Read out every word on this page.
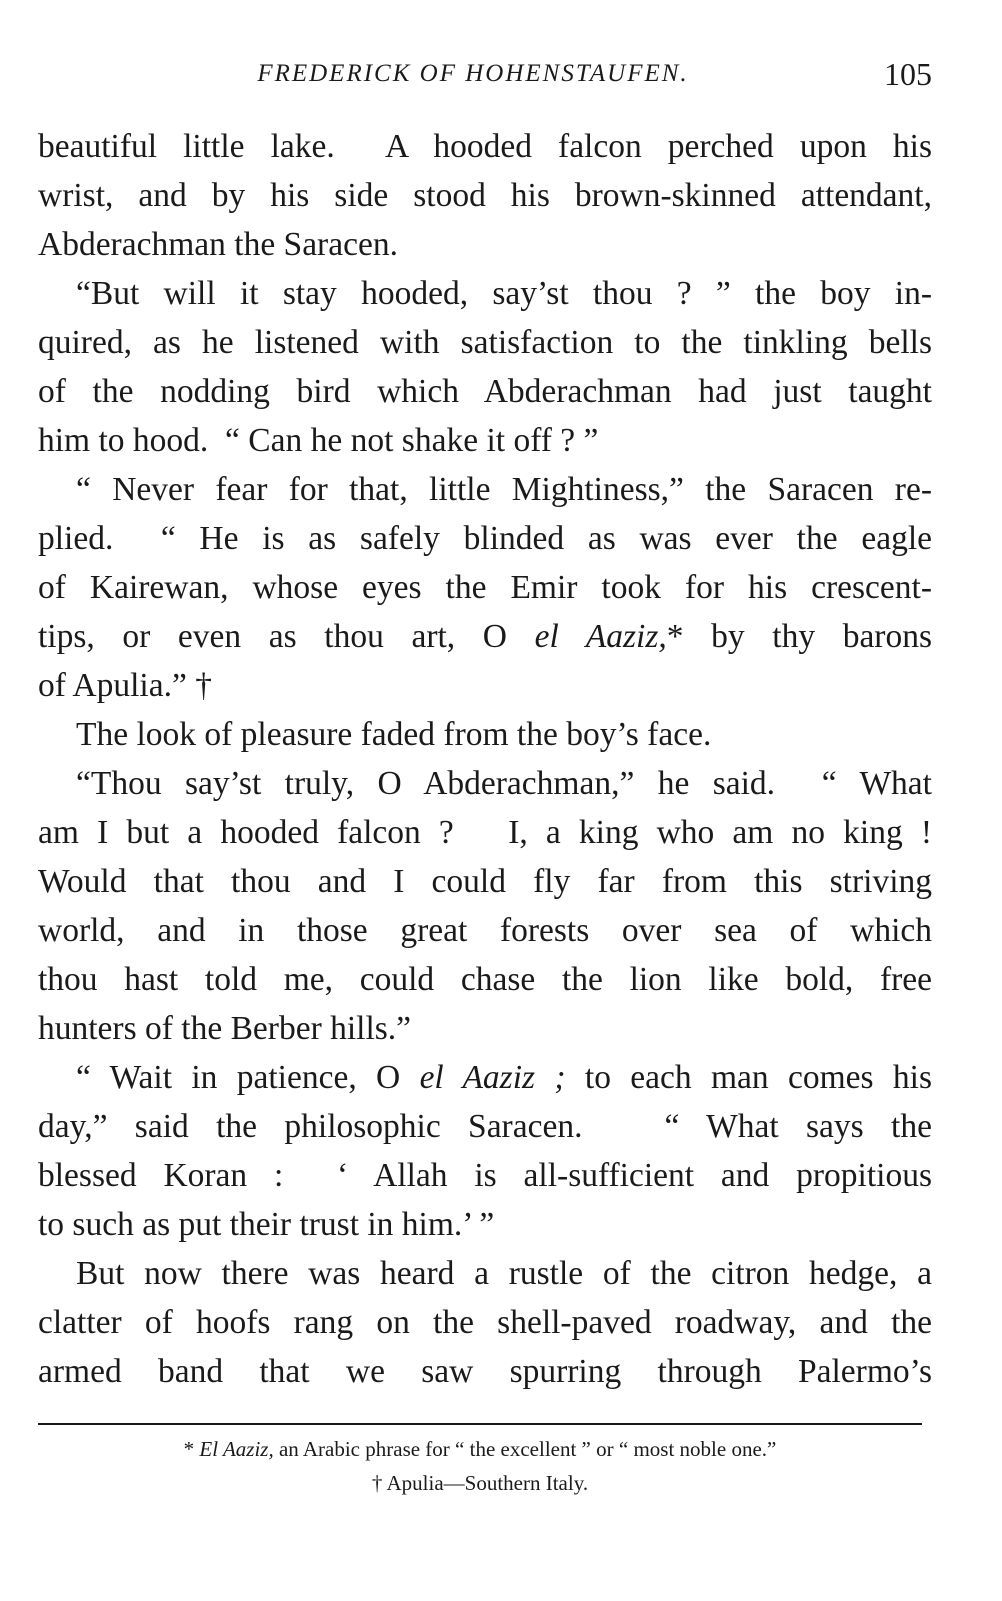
FREDERICK OF HOHENSTAUFEN.	105
beautiful little lake.  A hooded falcon perched upon his
wrist, and by his side stood his brown-skinned attendant,
Abderachman the Saracen.
“But will it stay hooded, say’st thou ? ” the boy in-
quired, as he listened with satisfaction to the tinkling bells
of the nodding bird which Abderachman had just taught
him to hood.  “ Can he not shake it off ? ”
“ Never fear for that, little Mightiness,” the Saracen re-
plied.  “ He is as safely blinded as was ever the eagle
of Kairewan, whose eyes the Emir took for his crescent-
tips, or even as thou art, O el Aaziz,* by thy barons
of Apulia.” †
The look of pleasure faded from the boy’s face.
“Thou say’st truly, O Abderachman,” he said.  “ What
am I but a hooded falcon ?   I, a king who am no king !
Would that thou and I could fly far from this striving
world, and in those great forests over sea of which
thou hast told me, could chase the lion like bold, free
hunters of the Berber hills.”
“ Wait in patience, O el Aaziz ; to each man comes his
day,” said the philosophic Saracen.   “ What says the
blessed Koran :  ‘ Allah is all-sufficient and propitious
to such as put their trust in him.’ ”
But now there was heard a rustle of the citron hedge, a
clatter of hoofs rang on the shell-paved roadway, and the
armed band that we saw spurring through Palermo’s
* El Aaziz, an Arabic phrase for “ the excellent ” or “ most noble one.”
† Apulia—Southern Italy.
